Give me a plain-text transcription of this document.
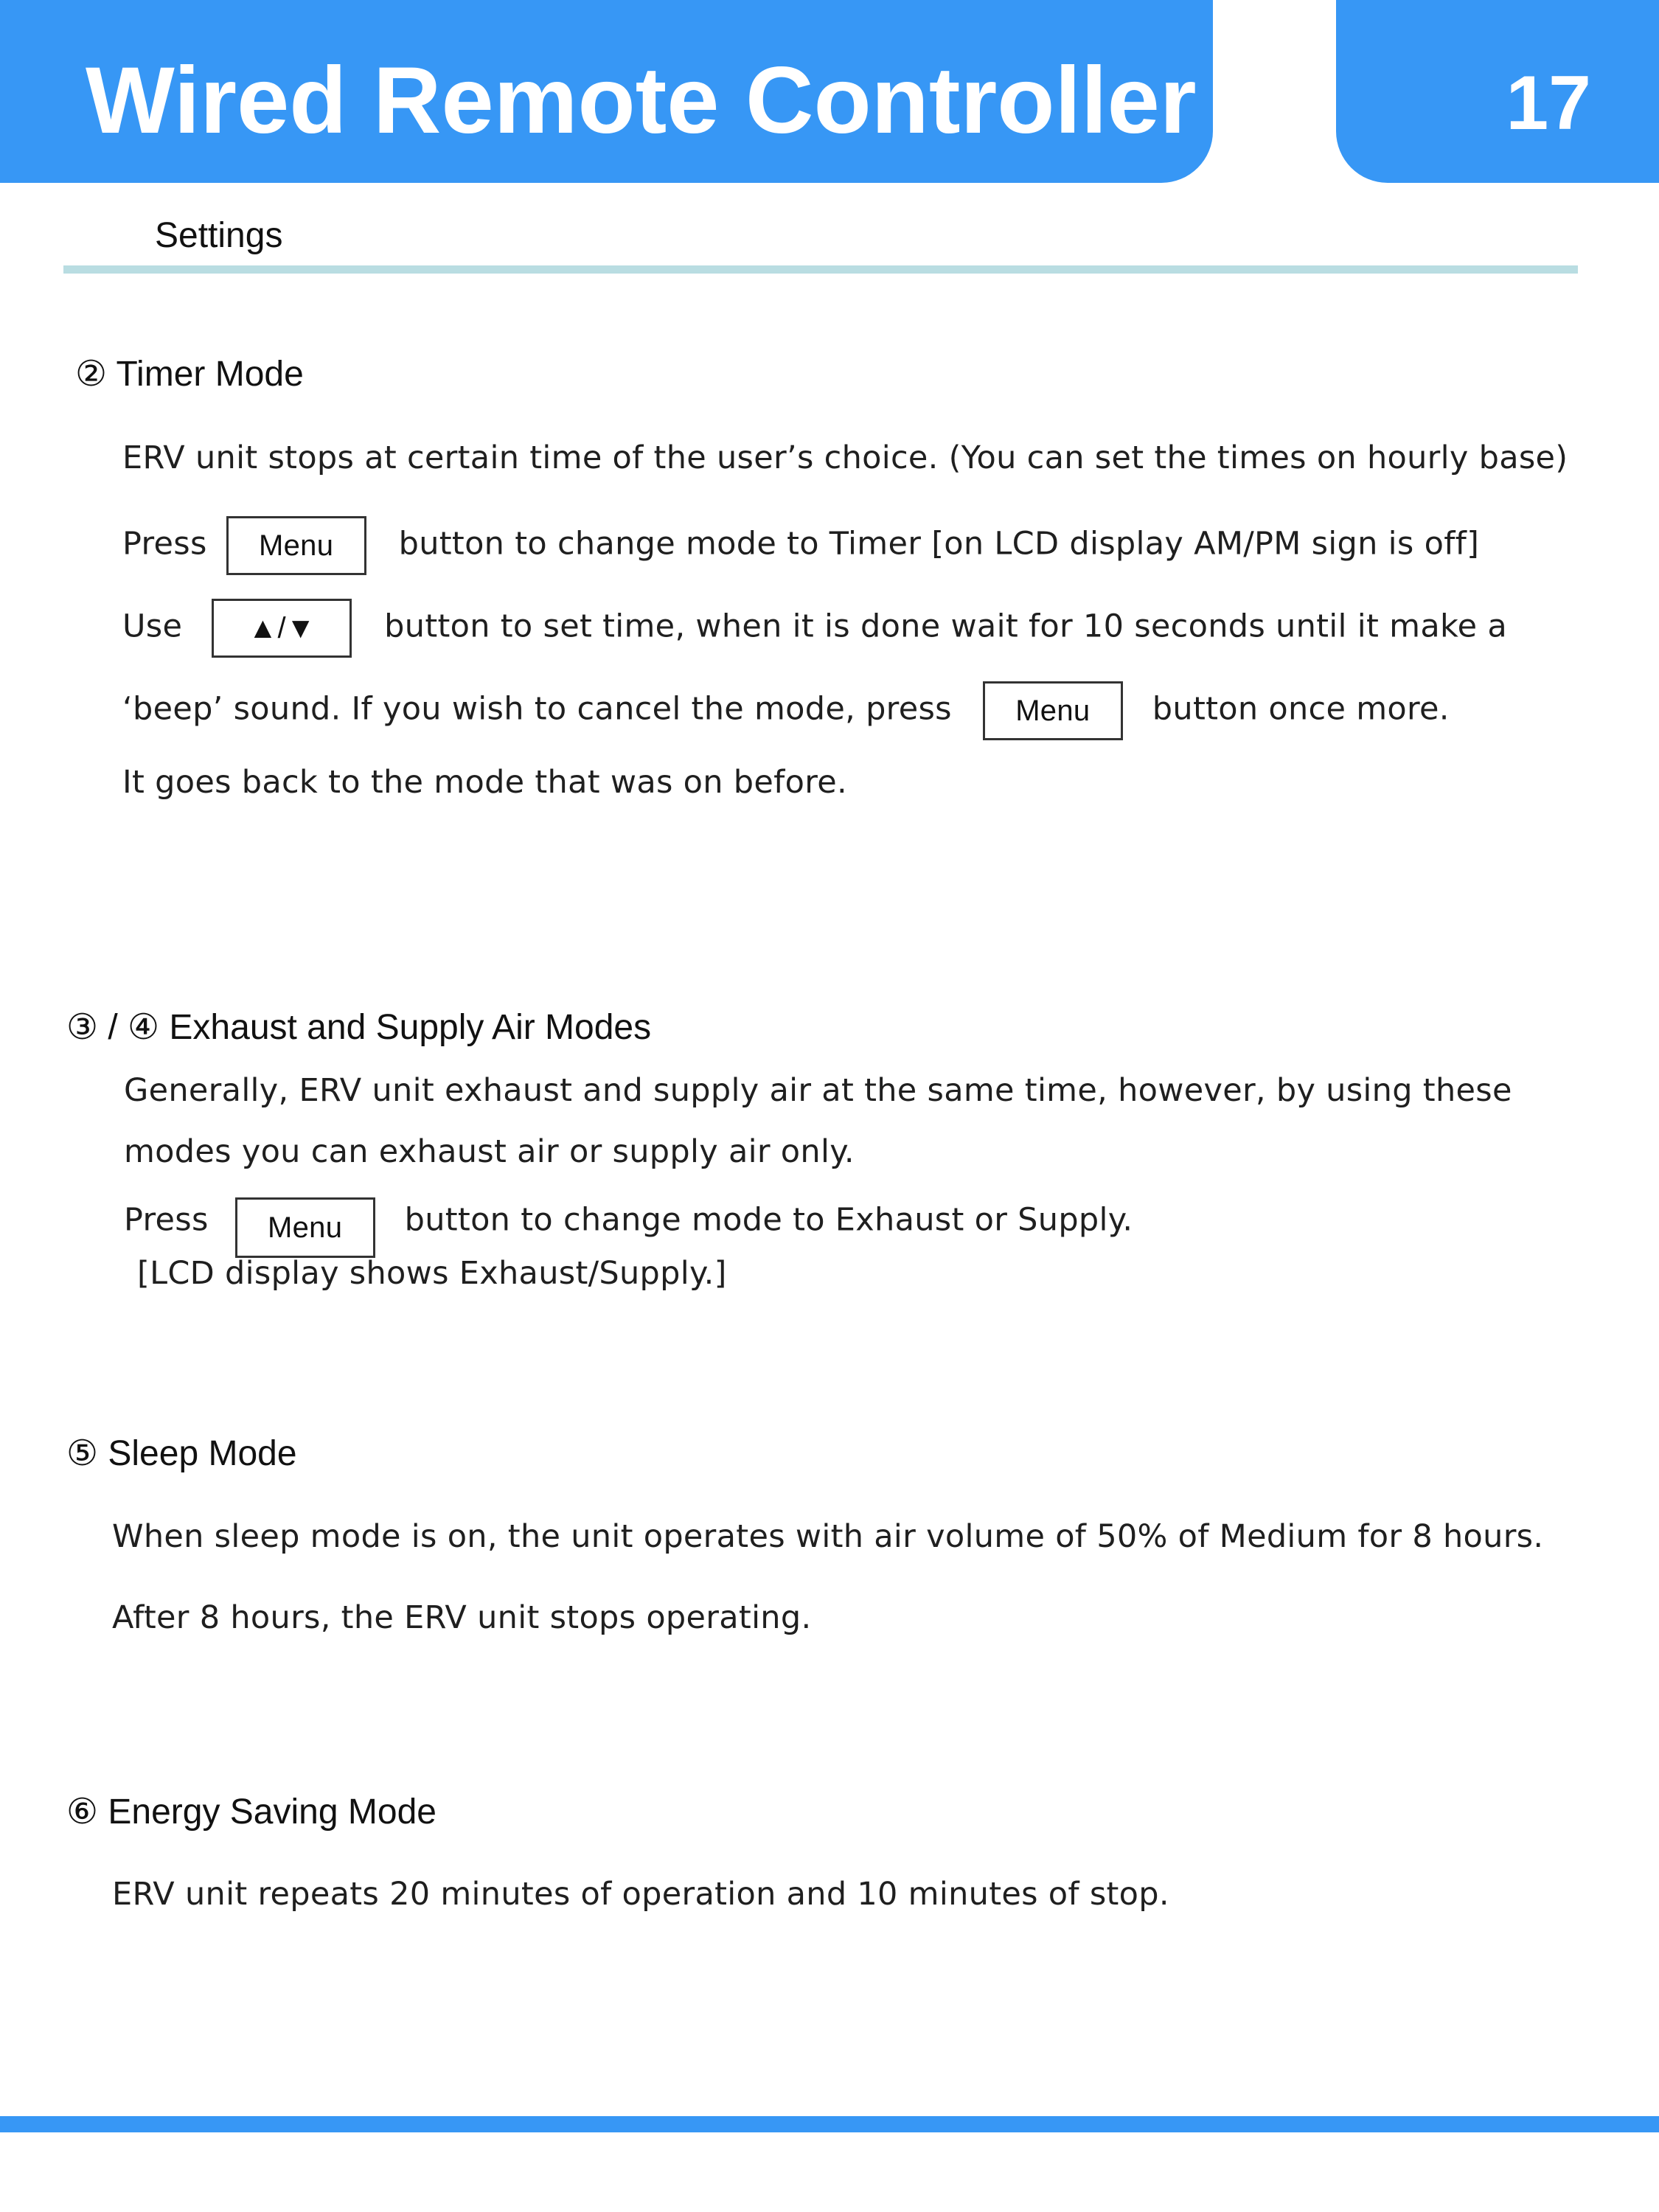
Wired Remote Controller	17
Settings
② Timer Mode
ERV unit stops at certain time of the user’s choice. (You can set the times on hourly base)
Press Menu button to change mode to Timer [on LCD display AM/PM sign is off]
Use ▲/▼ button to set time, when it is done wait for 10 seconds until it make a
‘beep’ sound. If you wish to cancel the mode, press Menu button once more.
It goes back to the mode that was on before.
③ / ④ Exhaust and Supply Air Modes
Generally, ERV unit exhaust and supply air at the same time, however, by using these
modes you can exhaust air or supply air only.
Press Menu button to change mode to Exhaust or Supply.
[LCD display shows Exhaust/Supply.]
⑤ Sleep Mode
When sleep mode is on, the unit operates with air volume of 50% of Medium for 8 hours.
After 8 hours, the ERV unit stops operating.
⑥ Energy Saving Mode
ERV unit repeats 20 minutes of operation and 10 minutes of stop.
